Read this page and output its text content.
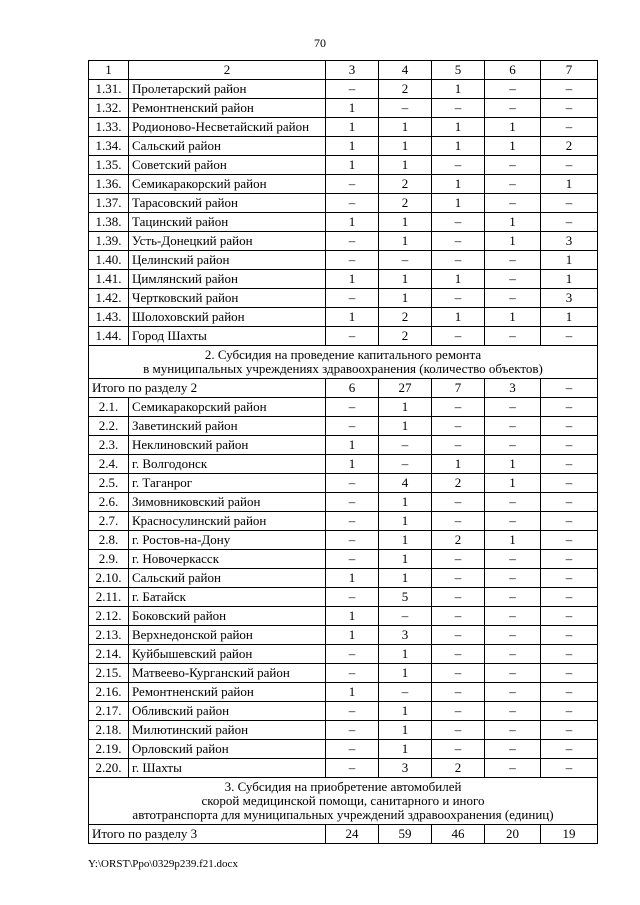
70
1	2	3	4	5	6	7
1.31.	Пролетарский район	–	2	1	–	–
1.32.	Ремонтненский район	1	–	–	–	–
1.33.	Родионово-Несветайский район	1	1	1	1	–
1.34.	Сальский район	1	1	1	1	2
1.35.	Советский район	1	1	–	–	–
1.36.	Семикаракорский район	–	2	1	–	1
1.37.	Тарасовский район	–	2	1	–	–
1.38.	Тацинский район	1	1	–	1	–
1.39.	Усть-Донецкий район	–	1	–	1	3
1.40.	Целинский район	–	–	–	–	1
1.41.	Цимлянский район	1	1	1	–	1
1.42.	Чертковский район	–	1	–	–	3
1.43.	Шолоховский район	1	2	1	1	1
1.44.	Город Шахты	–	2	–	–	–

2. Субсидия на проведение капитального ремонта
в муниципальных учреждениях здравоохранения (количество объектов)						

Итого по разделу 2		6	27	7	3	–
2.1.	Семикаракорский район	–	1	–	–	–
2.2.	Заветинский район	–	1	–	–	–
2.3.	Неклиновский район	1	–	–	–	–
2.4.	г. Волгодонск	1	–	1	1	–
2.5.	г. Таганрог	–	4	2	1	–
2.6.	Зимовниковский район	–	1	–	–	–
2.7.	Красносулинский район	–	1	–	–	–
2.8.	г. Ростов-на-Дону	–	1	2	1	–
2.9.	г. Новочеркасск	–	1	–	–	–
2.10.	Сальский район	1	1	–	–	–
2.11.	г. Батайск	–	5	–	–	–
2.12.	Боковский район	1	–	–	–	–
2.13.	Верхнедонской район	1	3	–	–	–
2.14.	Куйбышевский район	–	1	–	–	–
2.15.	Матвеево-Курганский район	–	1	–	–	–
2.16.	Ремонтненский район	1	–	–	–	–
2.17.	Обливский район	–	1	–	–	–
2.18.	Милютинский район	–	1	–	–	–
2.19.	Орловский район	–	1	–	–	–
2.20.	г. Шахты	–	3	2	–	–

3. Субсидия на приобретение автомобилей
скорой медицинской помощи, санитарного и иного
автотранспорта для муниципальных учреждений здравоохранения (единиц)						

Итого по разделу 3		24	59	46	20	19
Y:\ORST\Ppo\0329p239.f21.docx
